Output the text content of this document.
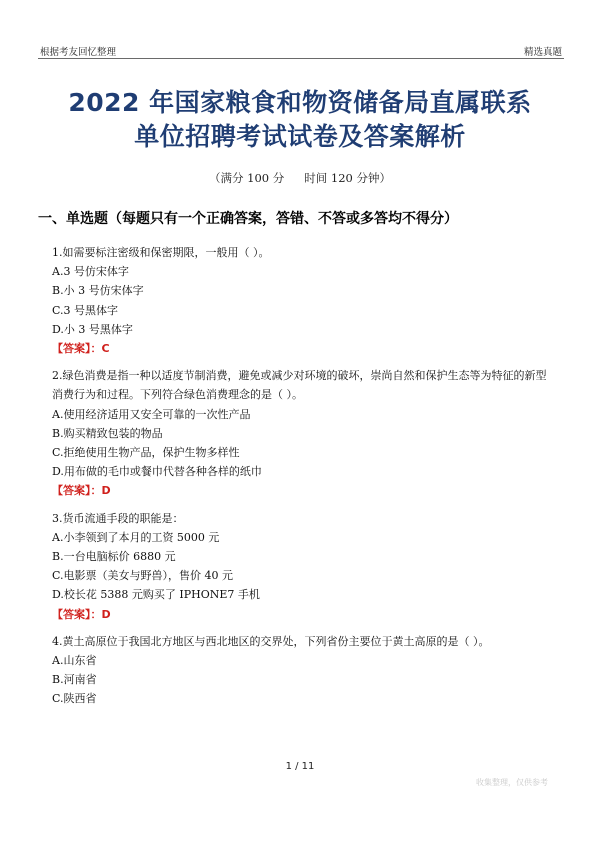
根据考友回忆整理	精选真题
2022 年国家粮食和物资储备局直属联系
单位招聘考试试卷及答案解析
（满分 100 分 时间 120 分钟）
一、单选题（每题只有一个正确答案，答错、不答或多答均不得分）

1.如需要标注密级和保密期限，一般用（ ）。

A.3 号仿宋体字

B.小 3 号仿宋体字

C.3 号黑体字

D.小 3 号黑体字

【答案】：C

2.绿色消费是指一种以适度节制消费，避免或减少对环境的破坏，崇尚自然和保护生态等为特征的新型消费行为和过程。下列符合绿色消费理念的是（ ）。

A.使用经济适用又安全可靠的一次性产品

B.购买精致包装的物品

C.拒绝使用生物产品，保护生物多样性

D.用布做的毛巾或餐巾代替各种各样的纸巾

【答案】：D

3.货币流通手段的职能是：

A.小李领到了本月的工资 5000 元

B.一台电脑标价 6880 元

C.电影票（美女与野兽），售价 40 元

D.校长花 5388 元购买了 IPHONE7 手机

【答案】：D

4.黄土高原位于我国北方地区与西北地区的交界处，下列省份主要位于黄土高原的是（ ）。

A.山东省

B.河南省

C.陕西省

1 / 11
收集整理，仅供参考
